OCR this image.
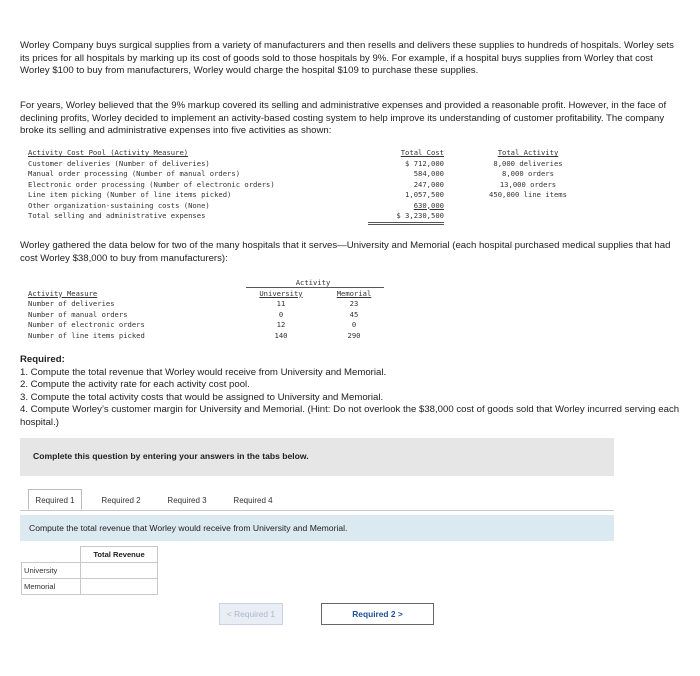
Worley Company buys surgical supplies from a variety of manufacturers and then resells and delivers these supplies to hundreds of hospitals. Worley sets its prices for all hospitals by marking up its cost of goods sold to those hospitals by 9%. For example, if a hospital buys supplies from Worley that cost Worley $100 to buy from manufacturers, Worley would charge the hospital $109 to purchase these supplies.

For years, Worley believed that the 9% markup covered its selling and administrative expenses and provided a reasonable profit. However, in the face of declining profits, Worley decided to implement an activity-based costing system to help improve its understanding of customer profitability. The company broke its selling and administrative expenses into five activities as shown:

Activity Cost Pool (Activity Measure)	Total Cost	Total Activity
Customer deliveries (Number of deliveries)	$ 712,000	8,000 deliveries
Manual order processing (Number of manual orders)	584,000	8,000 orders
Electronic order processing (Number of electronic orders)	247,000	13,000 orders
Line item picking (Number of line items picked)	1,057,500	450,000 line items
Other organization-sustaining costs (None)	630,000
Total selling and administrative expenses	$ 3,230,500

Worley gathered the data below for two of the many hospitals that it serves—University and Memorial (each hospital purchased medical supplies that had cost Worley $38,000 to buy from manufacturers):

Activity
Activity Measure	University	Memorial
Number of deliveries	11	23
Number of manual orders	0	45
Number of electronic orders	12	0
Number of line items picked	140	290
Required:
1. Compute the total revenue that Worley would receive from University and Memorial.
2. Compute the activity rate for each activity cost pool.
3. Compute the total activity costs that would be assigned to University and Memorial.
4. Compute Worley’s customer margin for University and Memorial. (Hint: Do not overlook the $38,000 cost of goods sold that Worley incurred serving each hospital.)
Complete this question by entering your answers in the tabs below.
Required 1	Required 2	Required 3	Required 4
Compute the total revenue that Worley would receive from University and Memorial.
	Total Revenue
University	
Memorial	
< Required 1	Required 2 >
